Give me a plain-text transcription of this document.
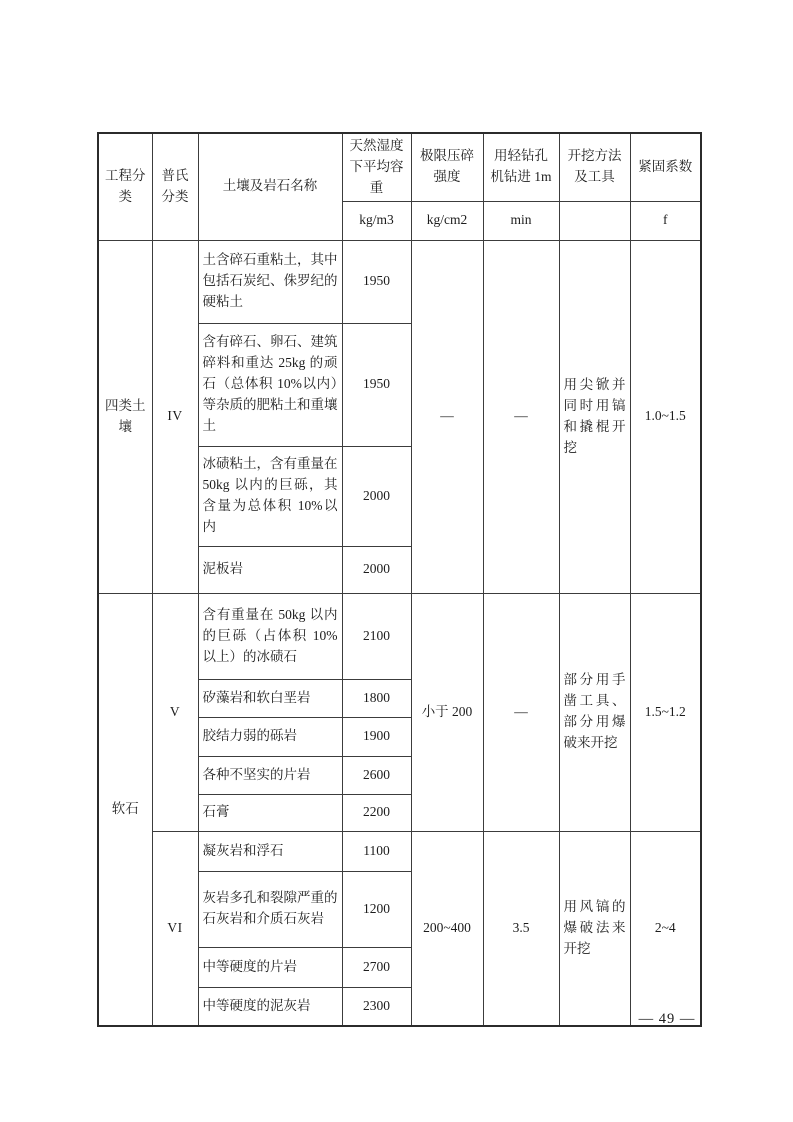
工程分类	普氏分类	土壤及岩石名称	天然湿度下平均容重	极限压碎强度	用轻钻孔机钻进 1m	开挖方法及工具	紧固系数
			kg/m3	kg/cm2	min		f
四类土壤	IV	土含碎石重粘土，其中包括石炭纪、侏罗纪的硬粘土	1950	—	—	用尖锨并同时用镐和撬棍开挖	1.0~1.5
		含有碎石、卵石、建筑碎料和重达 25kg 的顽石（总体积 10%以内）等杂质的肥粘土和重壤土	1950				
		冰碛粘土，含有重量在 50kg 以内的巨砾，其含量为总体积 10%以内	2000				
		泥板岩	2000				
软石	V	含有重量在 50kg 以内的巨砾（占体积 10%以上）的冰碛石	2100	小于 200	—	部分用手凿工具、部分用爆破来开挖	1.5~1.2
		矽藻岩和软白垩岩	1800				
		胶结力弱的砾岩	1900				
		各种不坚实的片岩	2600				
		石膏	2200				
	VI	凝灰岩和浮石	1100	200~400	3.5	用风镐的爆破法来开挖	2~4
		灰岩多孔和裂隙严重的石灰岩和介质石灰岩	1200				
		中等硬度的片岩	2700				
		中等硬度的泥灰岩	2300				
— 49 —
